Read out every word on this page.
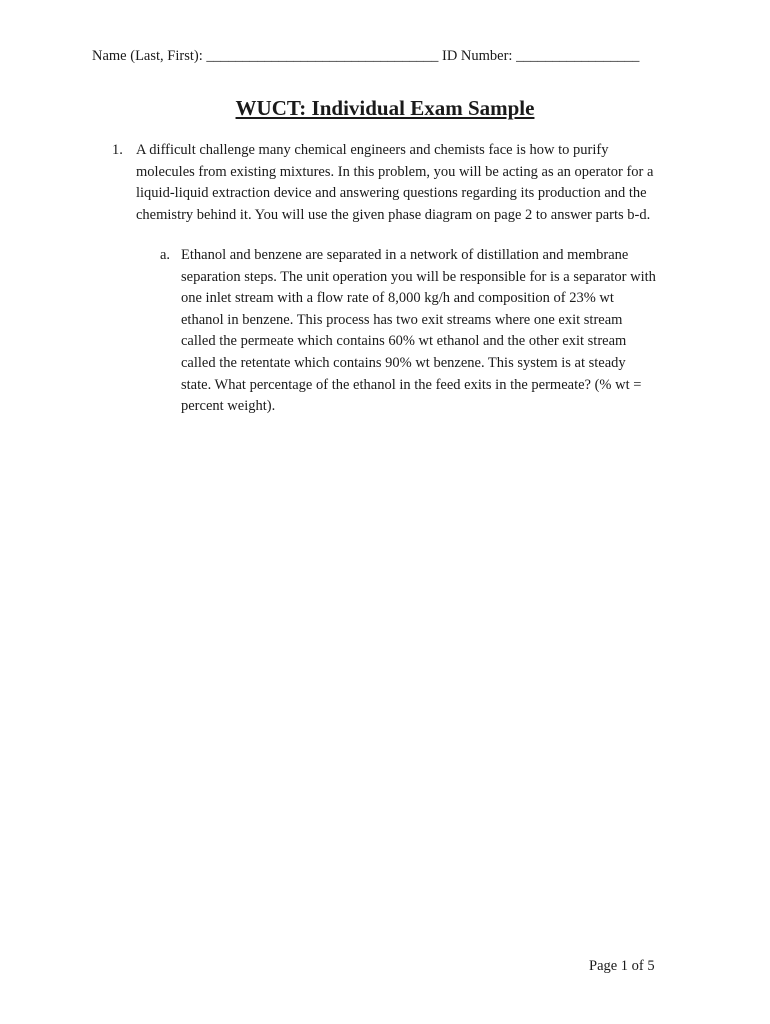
Name (Last, First): ________________________________ ID Number: _________________
WUCT: Individual Exam Sample
1. A difficult challenge many chemical engineers and chemists face is how to purify
molecules from existing mixtures. In this problem, you will be acting as an operator for a
liquid-liquid extraction device and answering questions regarding its production and the
chemistry behind it. You will use the given phase diagram on page 2 to answer parts b-d.
a. Ethanol and benzene are separated in a network of distillation and membrane
separation steps. The unit operation you will be responsible for is a separator with
one inlet stream with a flow rate of 8,000 kg/h and composition of 23% wt
ethanol in benzene. This process has two exit streams where one exit stream
called the permeate which contains 60% wt ethanol and the other exit stream
called the retentate which contains 90% wt benzene. This system is at steady
state. What percentage of the ethanol in the feed exits in the permeate? (% wt =
percent weight).
Page 1 of 5
